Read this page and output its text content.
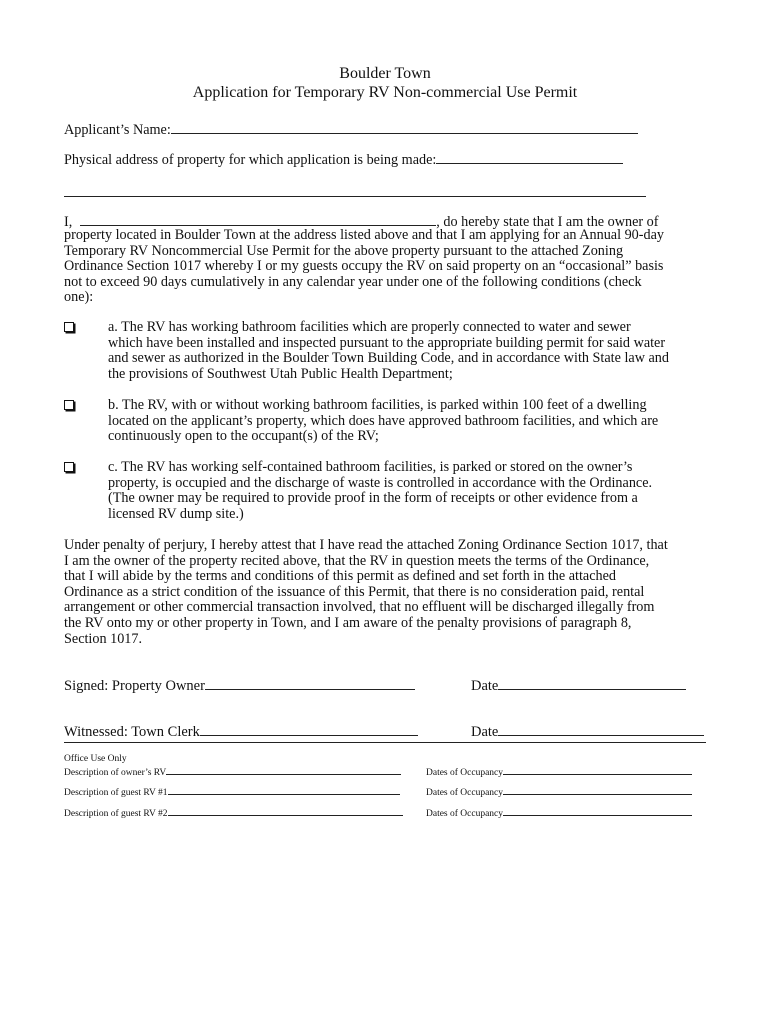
Boulder Town
Application for Temporary RV Non-commercial Use Permit
Applicant’s Name:
Physical address of property for which application is being made:
I,	, do hereby state that I am the owner of
property located in Boulder Town at the address listed above and that I am applying for an Annual 90-day
Temporary RV Noncommercial Use Permit for the above property pursuant to the attached Zoning
Ordinance Section 1017 whereby I or my guests occupy the RV on said property on an “occasional” basis
not to exceed 90 days cumulatively in any calendar year under one of the following conditions (check
one):
a. The RV has working bathroom facilities which are properly connected to water and sewer
which have been installed and inspected pursuant to the appropriate building permit for said water
and sewer as authorized in the Boulder Town Building Code, and in accordance with State law and
the provisions of Southwest Utah Public Health Department;
b. The RV, with or without working bathroom facilities, is parked within 100 feet of a dwelling
located on the applicant’s property, which does have approved bathroom facilities, and which are
continuously open to the occupant(s) of the RV;
c. The RV has working self-contained bathroom facilities, is parked or stored on the owner’s
property, is occupied and the discharge of waste is controlled in accordance with the Ordinance.
(The owner may be required to provide proof in the form of receipts or other evidence from a
licensed RV dump site.)
Under penalty of perjury, I hereby attest that I have read the attached Zoning Ordinance Section 1017, that
I am the owner of the property recited above, that the RV in question meets the terms of the Ordinance,
that I will abide by the terms and conditions of this permit as defined and set forth in the attached
Ordinance as a strict condition of the issuance of this Permit, that there is no consideration paid, rental
arrangement or other commercial transaction involved, that no effluent will be discharged illegally from
the RV onto my or other property in Town, and I am aware of the penalty provisions of paragraph 8,
Section 1017.
Signed: Property Owner	Date
Witnessed: Town Clerk	Date
Office Use Only
Description of owner’s RV	Dates of Occupancy
Description of guest RV #1	Dates of Occupancy
Description of guest RV #2	Dates of Occupancy
